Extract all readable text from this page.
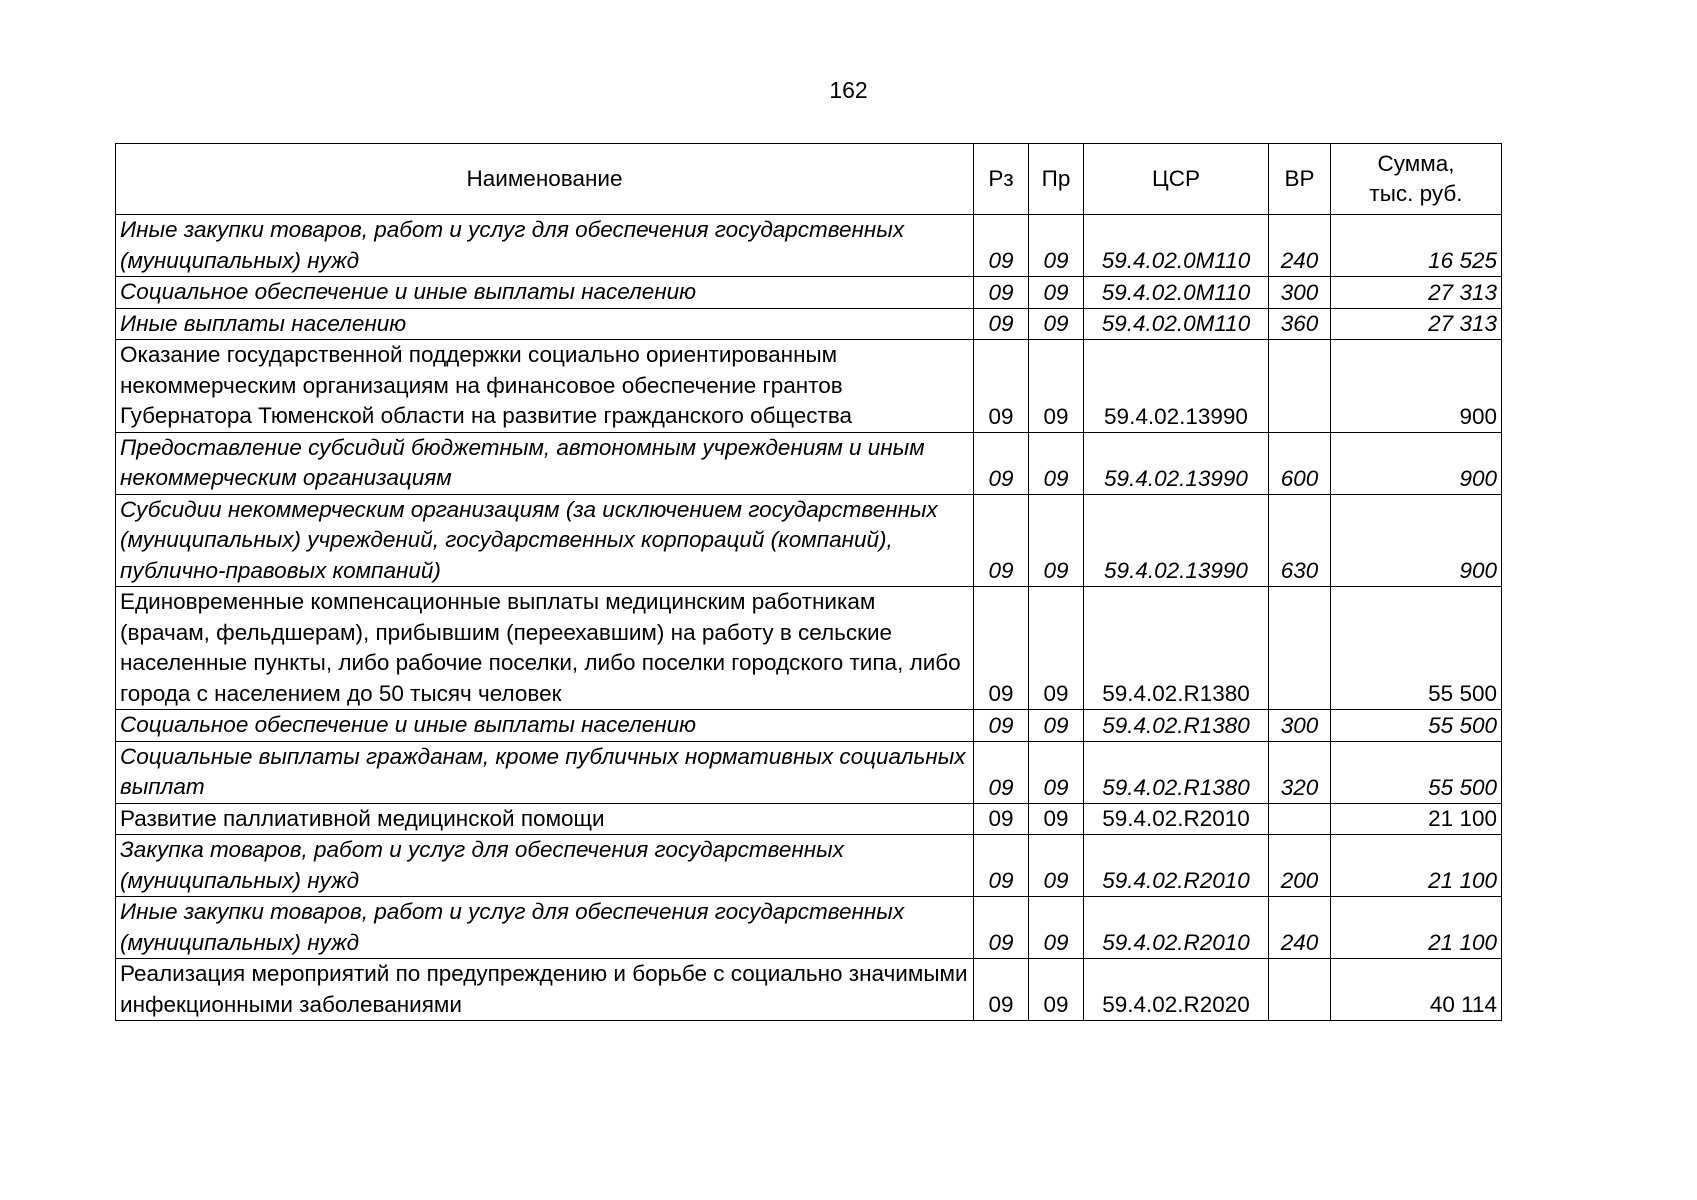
162
Наименование	Рз	Пр	ЦСР	ВР	Сумма,
тыс. руб.
Иные закупки товаров, работ и услуг для обеспечения государственных (муниципальных) нужд	09	09	59.4.02.0М110	240	16 525
Социальное обеспечение и иные выплаты населению	09	09	59.4.02.0М110	300	27 313
Иные выплаты населению	09	09	59.4.02.0М110	360	27 313
Оказание государственной поддержки социально ориентированным некоммерческим организациям на финансовое обеспечение грантов Губернатора Тюменской области на развитие гражданского общества	09	09	59.4.02.13990		900
Предоставление субсидий бюджетным, автономным учреждениям и иным некоммерческим организациям	09	09	59.4.02.13990	600	900
Субсидии некоммерческим организациям (за исключением государственных (муниципальных) учреждений, государственных корпораций (компаний), публично-правовых компаний)	09	09	59.4.02.13990	630	900
Единовременные компенсационные выплаты медицинским работникам (врачам, фельдшерам), прибывшим (переехавшим) на работу в сельские населенные пункты, либо рабочие поселки, либо поселки городского типа, либо города с населением до 50 тысяч человек	09	09	59.4.02.R1380		55 500
Социальное обеспечение и иные выплаты населению	09	09	59.4.02.R1380	300	55 500
Социальные выплаты гражданам, кроме публичных нормативных социальных выплат	09	09	59.4.02.R1380	320	55 500
Развитие паллиативной медицинской помощи	09	09	59.4.02.R2010		21 100
Закупка товаров, работ и услуг для обеспечения государственных (муниципальных) нужд	09	09	59.4.02.R2010	200	21 100
Иные закупки товаров, работ и услуг для обеспечения государственных (муниципальных) нужд	09	09	59.4.02.R2010	240	21 100
Реализация мероприятий по предупреждению и борьбе с социально значимыми инфекционными заболеваниями	09	09	59.4.02.R2020		40 114
